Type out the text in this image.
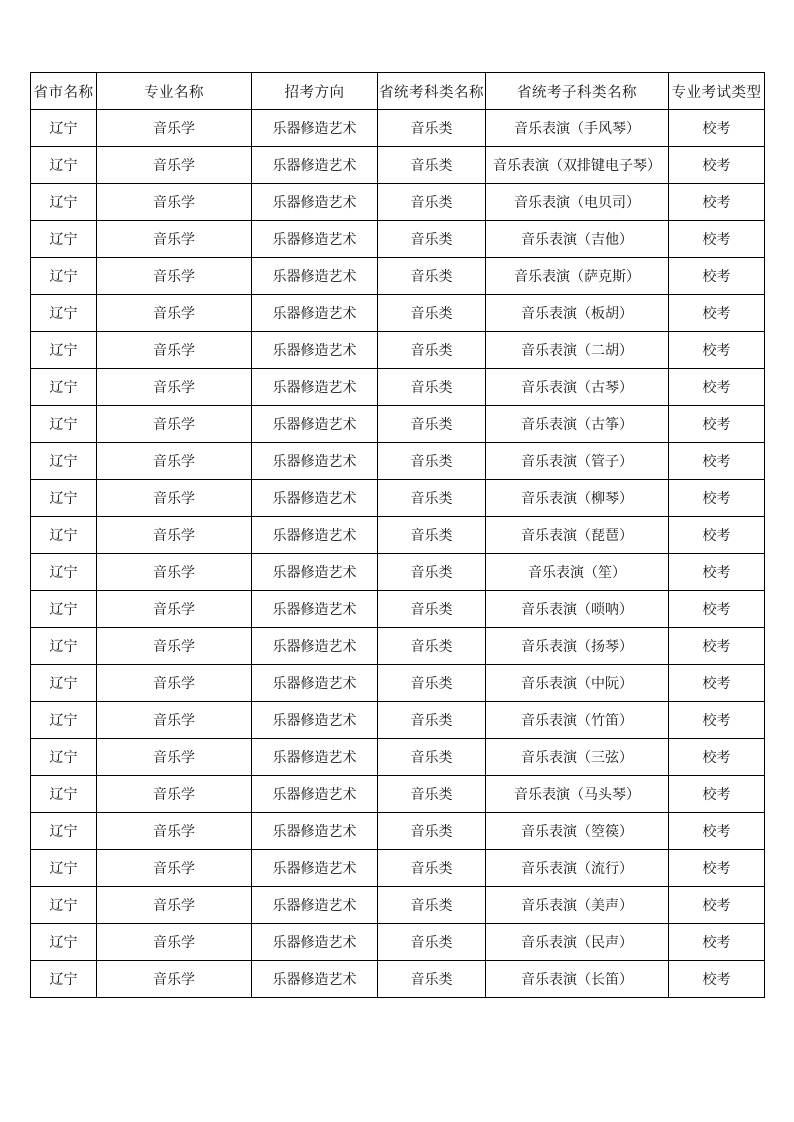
省市名称	专业名称	招考方向	省统考科类名称	省统考子科类名称	专业考试类型
辽宁	音乐学	乐器修造艺术	音乐类	音乐表演（手风琴）	校考
辽宁	音乐学	乐器修造艺术	音乐类	音乐表演（双排键电子琴）	校考
辽宁	音乐学	乐器修造艺术	音乐类	音乐表演（电贝司）	校考
辽宁	音乐学	乐器修造艺术	音乐类	音乐表演（吉他）	校考
辽宁	音乐学	乐器修造艺术	音乐类	音乐表演（萨克斯）	校考
辽宁	音乐学	乐器修造艺术	音乐类	音乐表演（板胡）	校考
辽宁	音乐学	乐器修造艺术	音乐类	音乐表演（二胡）	校考
辽宁	音乐学	乐器修造艺术	音乐类	音乐表演（古琴）	校考
辽宁	音乐学	乐器修造艺术	音乐类	音乐表演（古筝）	校考
辽宁	音乐学	乐器修造艺术	音乐类	音乐表演（管子）	校考
辽宁	音乐学	乐器修造艺术	音乐类	音乐表演（柳琴）	校考
辽宁	音乐学	乐器修造艺术	音乐类	音乐表演（琵琶）	校考
辽宁	音乐学	乐器修造艺术	音乐类	音乐表演（笙）	校考
辽宁	音乐学	乐器修造艺术	音乐类	音乐表演（唢呐）	校考
辽宁	音乐学	乐器修造艺术	音乐类	音乐表演（扬琴）	校考
辽宁	音乐学	乐器修造艺术	音乐类	音乐表演（中阮）	校考
辽宁	音乐学	乐器修造艺术	音乐类	音乐表演（竹笛）	校考
辽宁	音乐学	乐器修造艺术	音乐类	音乐表演（三弦）	校考
辽宁	音乐学	乐器修造艺术	音乐类	音乐表演（马头琴）	校考
辽宁	音乐学	乐器修造艺术	音乐类	音乐表演（箜篌）	校考
辽宁	音乐学	乐器修造艺术	音乐类	音乐表演（流行）	校考
辽宁	音乐学	乐器修造艺术	音乐类	音乐表演（美声）	校考
辽宁	音乐学	乐器修造艺术	音乐类	音乐表演（民声）	校考
辽宁	音乐学	乐器修造艺术	音乐类	音乐表演（长笛）	校考
